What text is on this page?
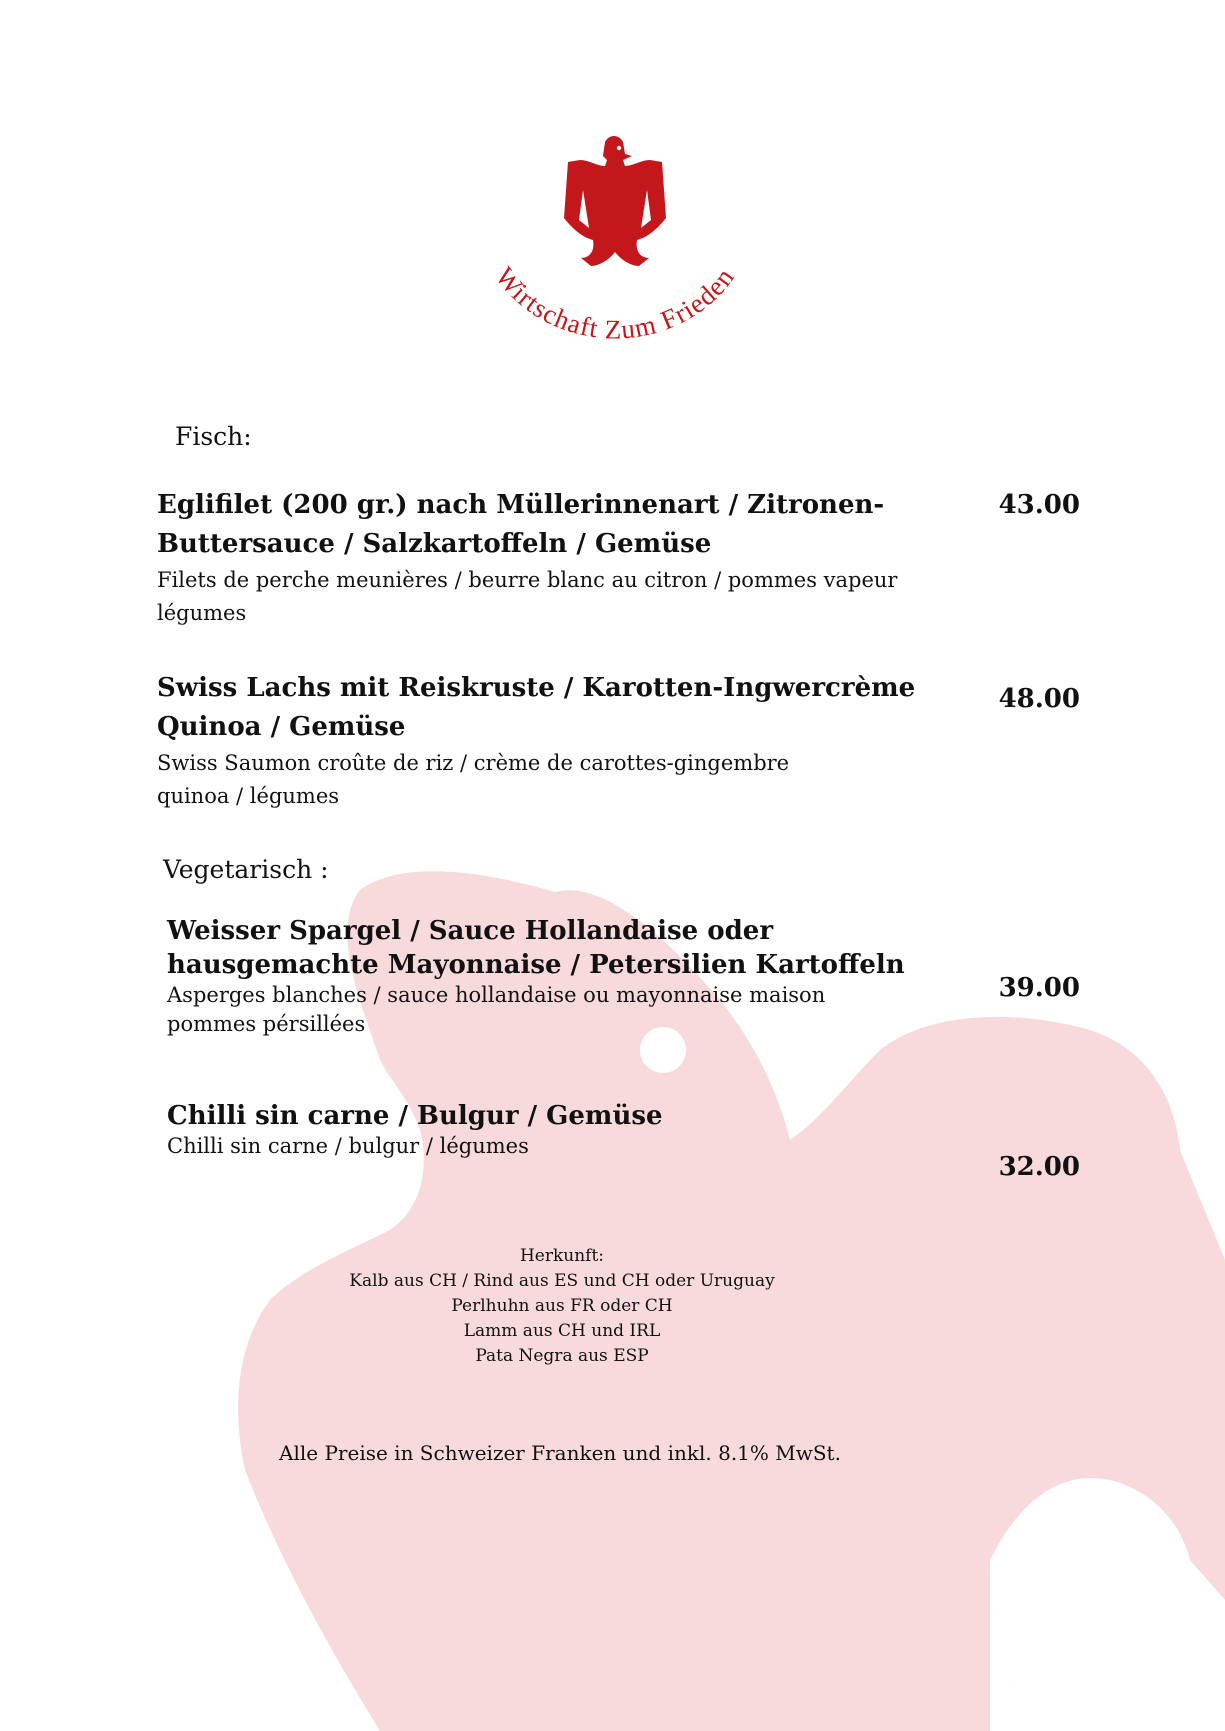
Wirtschaft Zum Frieden

Fisch:

Eglifilet (200 gr.) nach Müllerinnenart / Zitronen-Buttersauce / Salzkartoffeln / Gemüse

Filets de perche meunières / beurre blanc au citron / pommes vapeur légumes

43.00

Swiss Lachs mit Reiskruste / Karotten-Ingwercrème Quinoa / Gemüse

Swiss Saumon croûte de riz / crème de carottes-gingembre quinoa / légumes

48.00

Vegetarisch :

Weisser Spargel / Sauce Hollandaise oder hausgemachte Mayonnaise / Petersilien Kartoffeln

Asperges blanches / sauce hollandaise ou mayonnaise maison pommes pérsillées

39.00

Chilli sin carne / Bulgur / Gemüse

Chilli sin carne / bulgur / légumes

32.00

Herkunft:
Kalb aus CH / Rind aus ES und CH oder Uruguay
Perlhuhn aus FR oder CH
Lamm aus CH und IRL
Pata Negra aus ESP

Alle Preise in Schweizer Franken und inkl. 8.1% MwSt.
